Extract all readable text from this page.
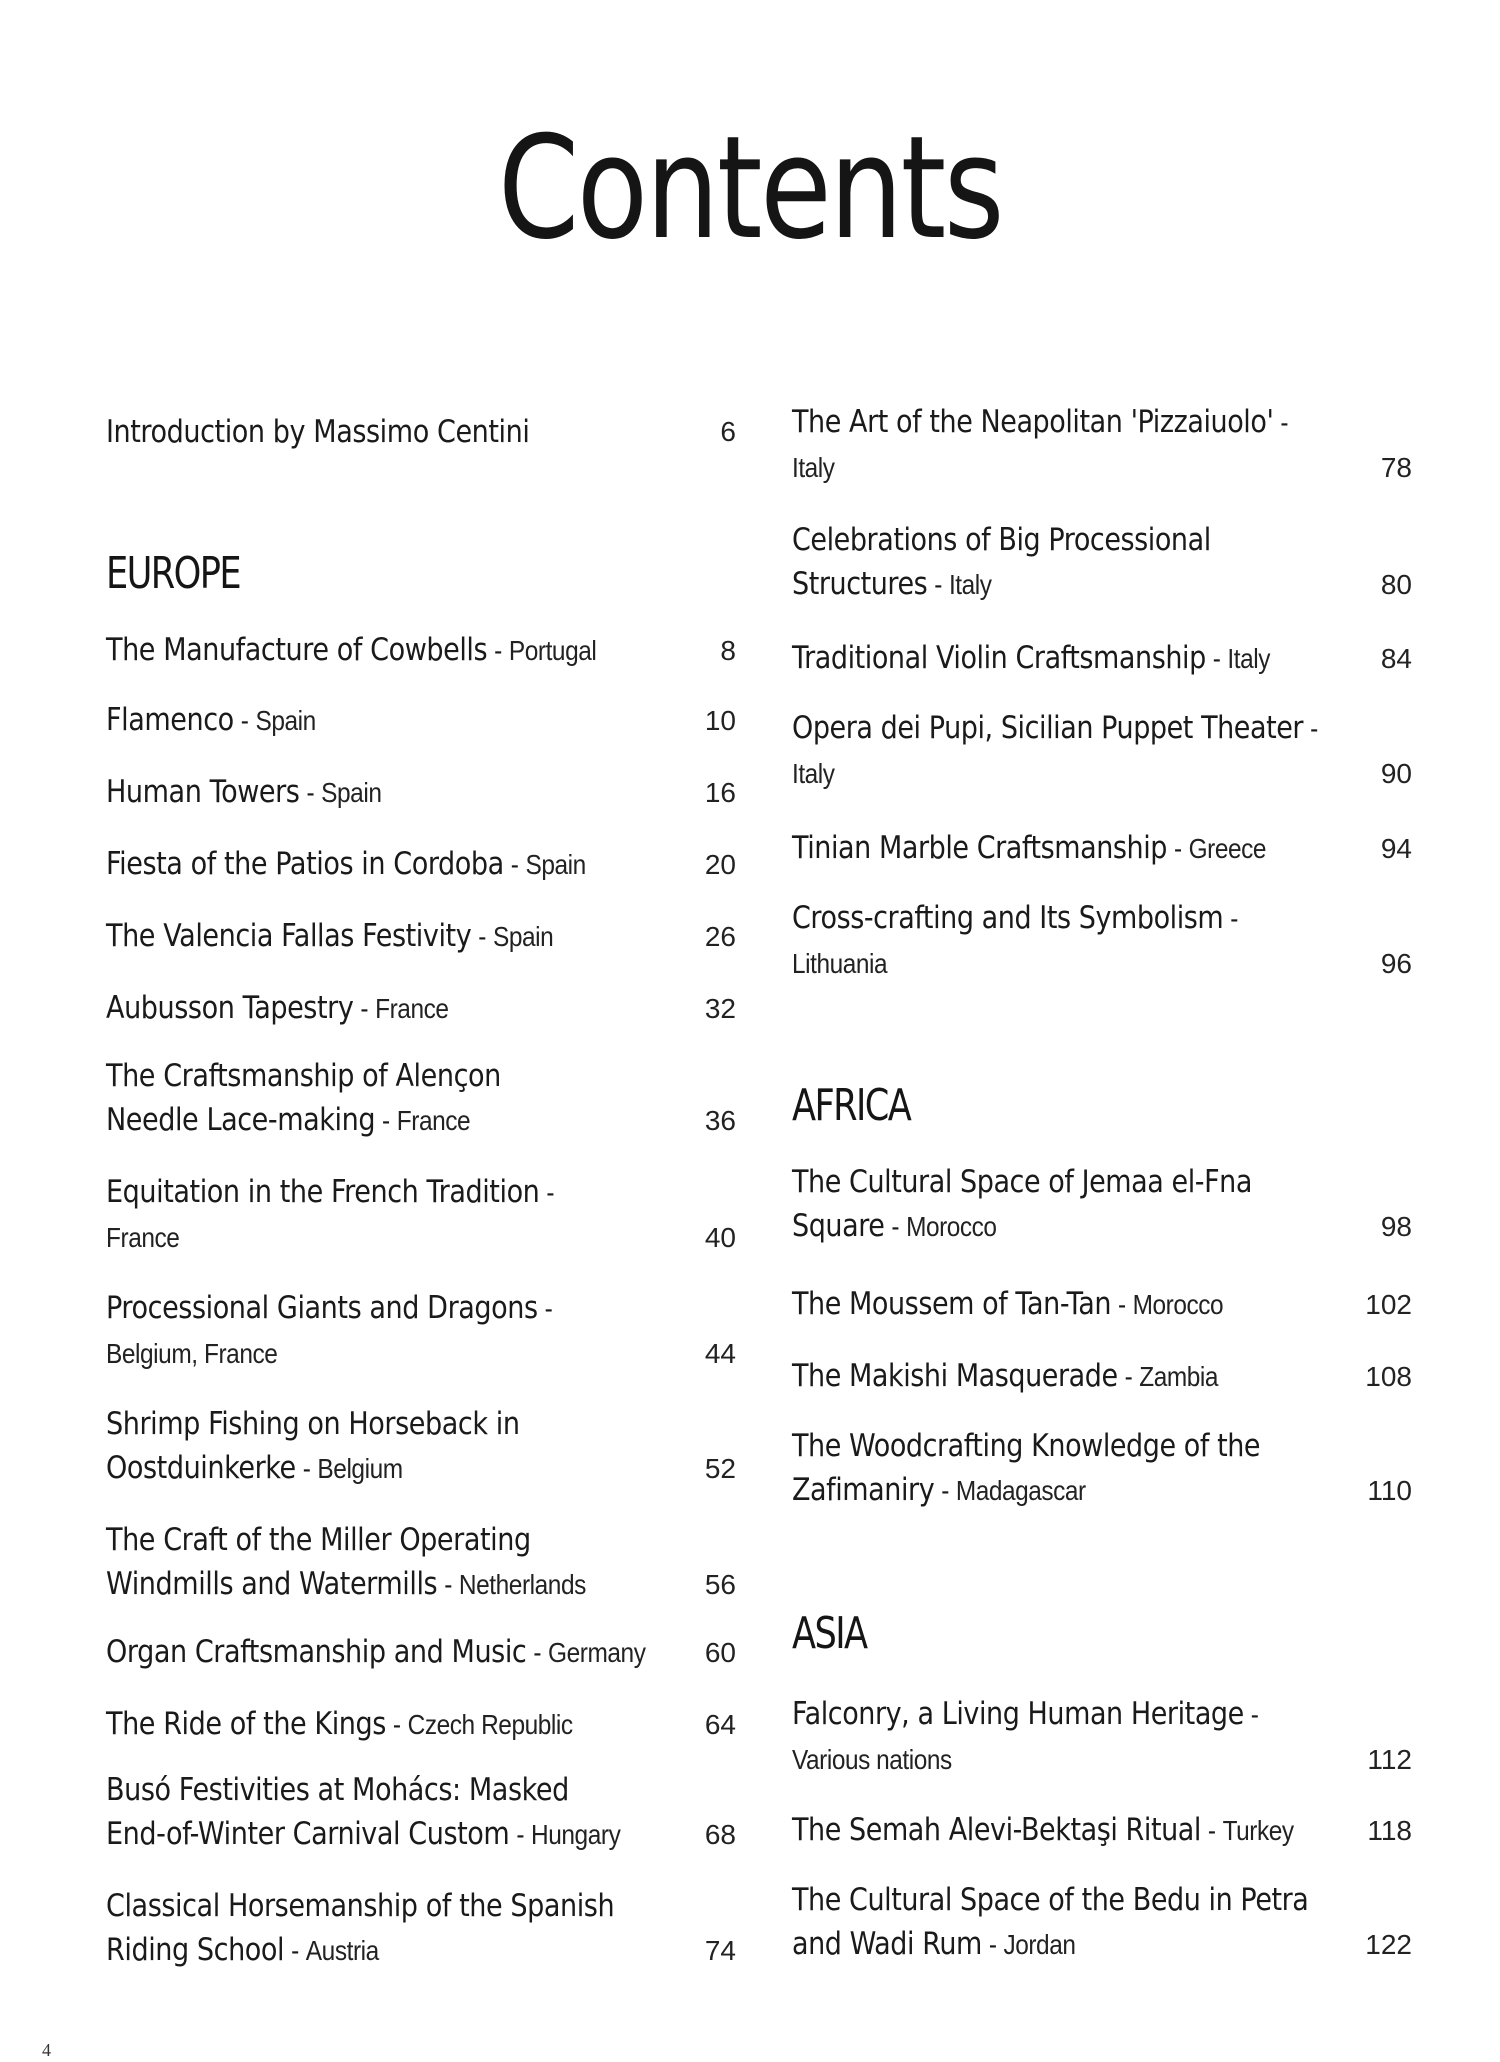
Contents
Introduction by Massimo Centini	6
EUROPE
The Manufacture of Cowbells - Portugal	8
Flamenco - Spain	10
Human Towers - Spain	16
Fiesta of the Patios in Cordoba - Spain	20
The Valencia Fallas Festivity - Spain	26
Aubusson Tapestry - France	32
The Craftsmanship of Alençon
Needle Lace-making - France	36
Equitation in the French Tradition -
France	40
Processional Giants and Dragons -
Belgium, France	44
Shrimp Fishing on Horseback in
Oostduinkerke - Belgium	52
The Craft of the Miller Operating
Windmills and Watermills - Netherlands	56
Organ Craftsmanship and Music - Germany	60
The Ride of the Kings - Czech Republic	64
Busó Festivities at Mohács: Masked
End-of-Winter Carnival Custom - Hungary	68
Classical Horsemanship of the Spanish
Riding School - Austria	74
The Art of the Neapolitan 'Pizzaiuolo' -
Italy	78
Celebrations of Big Processional
Structures - Italy	80
Traditional Violin Craftsmanship - Italy	84
Opera dei Pupi, Sicilian Puppet Theater -
Italy	90
Tinian Marble Craftsmanship - Greece	94
Cross-crafting and Its Symbolism -
Lithuania	96
AFRICA
The Cultural Space of Jemaa el-Fna
Square - Morocco	98
The Moussem of Tan-Tan - Morocco	102
The Makishi Masquerade - Zambia	108
The Woodcrafting Knowledge of the
Zafimaniry - Madagascar	110
ASIA
Falconry, a Living Human Heritage -
Various nations	112
The Semah Alevi-Bektaşi Ritual - Turkey	118
The Cultural Space of the Bedu in Petra
and Wadi Rum - Jordan	122
4
